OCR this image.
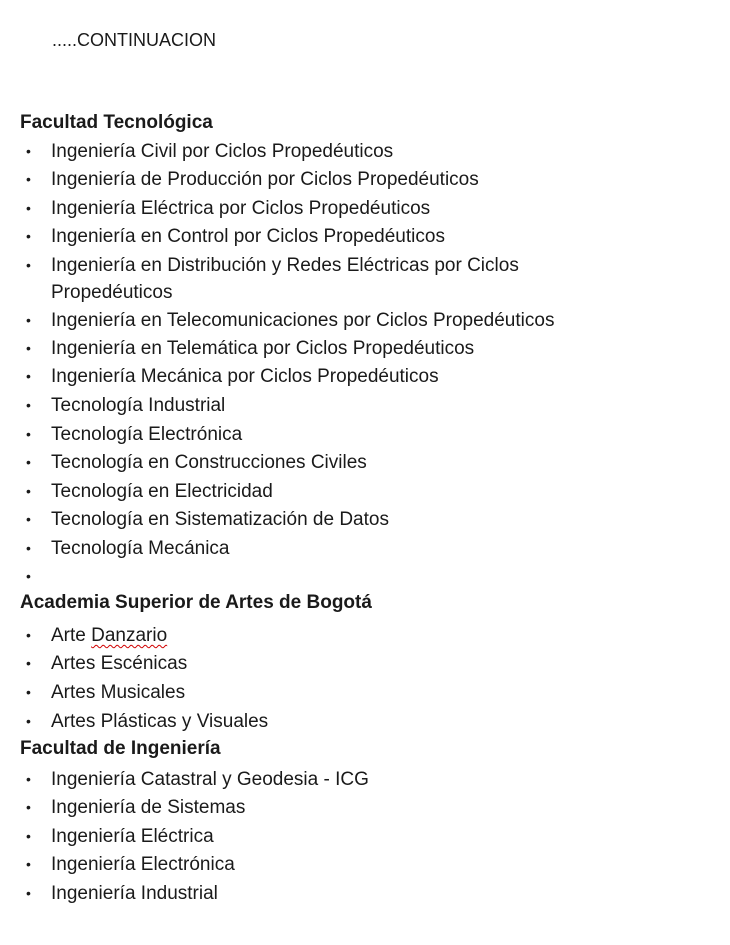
.....CONTINUACION
Facultad Tecnológica
•
Ingeniería Civil por Ciclos Propedéuticos
•
Ingeniería de Producción por Ciclos Propedéuticos
•
Ingeniería Eléctrica por Ciclos Propedéuticos
•
Ingeniería en Control por Ciclos Propedéuticos
•
Ingeniería en Distribución y Redes Eléctricas por Ciclos
Propedéuticos
•
Ingeniería en Telecomunicaciones por Ciclos Propedéuticos
•
Ingeniería en Telemática por Ciclos Propedéuticos
•
Ingeniería Mecánica por Ciclos Propedéuticos
•
Tecnología Industrial
•
Tecnología Electrónica
•
Tecnología en Construcciones Civiles
•
Tecnología en Electricidad
•
Tecnología en Sistematización de Datos
•
Tecnología Mecánica
•
Academia Superior de Artes de Bogotá
•
Arte Danzario
•
Artes Escénicas
•
Artes Musicales
•
Artes Plásticas y Visuales
Facultad de Ingeniería
•
Ingeniería Catastral y Geodesia - ICG
•
Ingeniería de Sistemas
•
Ingeniería Eléctrica
•
Ingeniería Electrónica
•
Ingeniería Industrial
